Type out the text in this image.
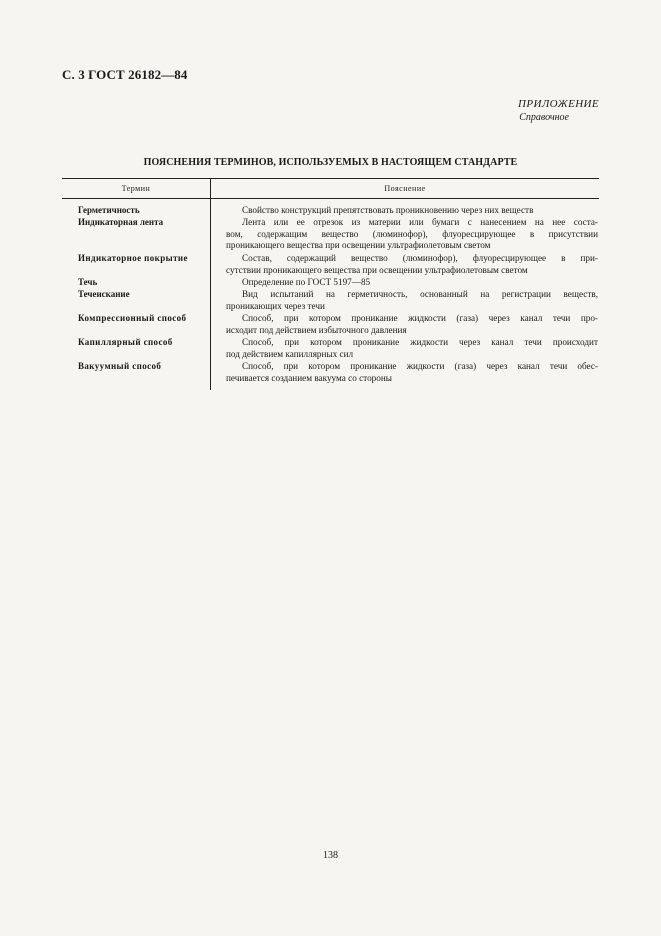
С. 3 ГОСТ 26182—84
ПРИЛОЖЕНИЕ
Справочное
ПОЯСНЕНИЯ ТЕРМИНОВ, ИСПОЛЬЗУЕМЫХ В НАСТОЯЩЕМ СТАНДАРТЕ
Термин	Пояснение
Герметичность	Свойство конструкций препятствовать проникновению через них веществ
Индикаторная лента	Лента или ее отрезок из материи или бумаги с нанесением на нее соста-
вом, содержащим вещество (люминофор), флуоресцирующее в присутствии
проникающего вещества при освещении ультрафиолетовым светом
Индикаторное покрытие	Состав, содержащий вещество (люминофор), флуоресцирующее в при-
сутствии проникающего вещества при освещении ультрафиолетовым светом
Течь	Определение по ГОСТ 5197—85
Течеискание	Вид испытаний на герметичность, основанный на регистрации веществ,
проникающих через течи
Компрессионный способ	Способ, при котором проникание жидкости (газа) через канал течи про-
исходит под действием избыточного давления
Капиллярный способ	Способ, при котором проникание жидкости через канал течи происходит
под действием капиллярных сил
Вакуумный способ	Способ, при котором проникание жидкости (газа) через канал течи обес-
печивается созданием вакуума со стороны
138
